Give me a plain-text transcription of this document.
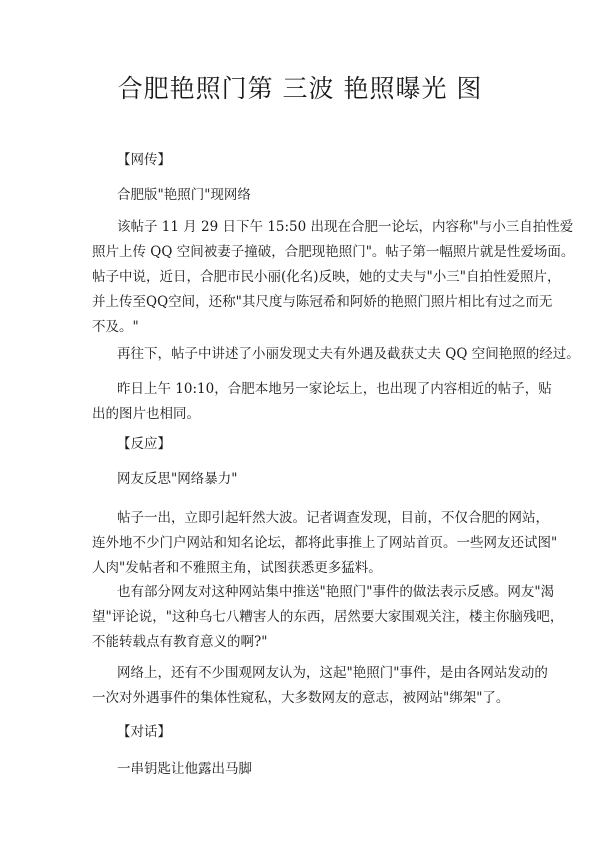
合肥艳照门第 三波 艳照曝光 图
【网传】
合肥版"艳照门"现网络
该帖子 11 月 29 日下午 15:50 出现在合肥一论坛，内容称"与小三自拍性爱
照片上传 QQ 空间被妻子撞破，合肥现艳照门"。帖子第一幅照片就是性爱场面。
帖子中说，近日，合肥市民小丽(化名)反映，她的丈夫与"小三"自拍性爱照片，
并上传至QQ空间，还称"其尺度与陈冠希和阿娇的艳照门照片相比有过之而无
不及。"
再往下，帖子中讲述了小丽发现丈夫有外遇及截获丈夫 QQ 空间艳照的经过。
昨日上午 10:10，合肥本地另一家论坛上，也出现了内容相近的帖子，贴
出的图片也相同。
【反应】
网友反思"网络暴力"
帖子一出，立即引起轩然大波。记者调查发现，目前，不仅合肥的网站，
连外地不少门户网站和知名论坛，都将此事推上了网站首页。一些网友还试图"
人肉"发帖者和不雅照主角，试图获悉更多猛料。
也有部分网友对这种网站集中推送"艳照门"事件的做法表示反感。网友"渴
望"评论说，"这种乌七八糟害人的东西，居然要大家围观关注，楼主你脑残吧，
不能转载点有教育意义的啊?"
网络上，还有不少围观网友认为，这起"艳照门"事件，是由各网站发动的
一次对外遇事件的集体性窥私，大多数网友的意志，被网站"绑架"了。
【对话】
一串钥匙让他露出马脚
